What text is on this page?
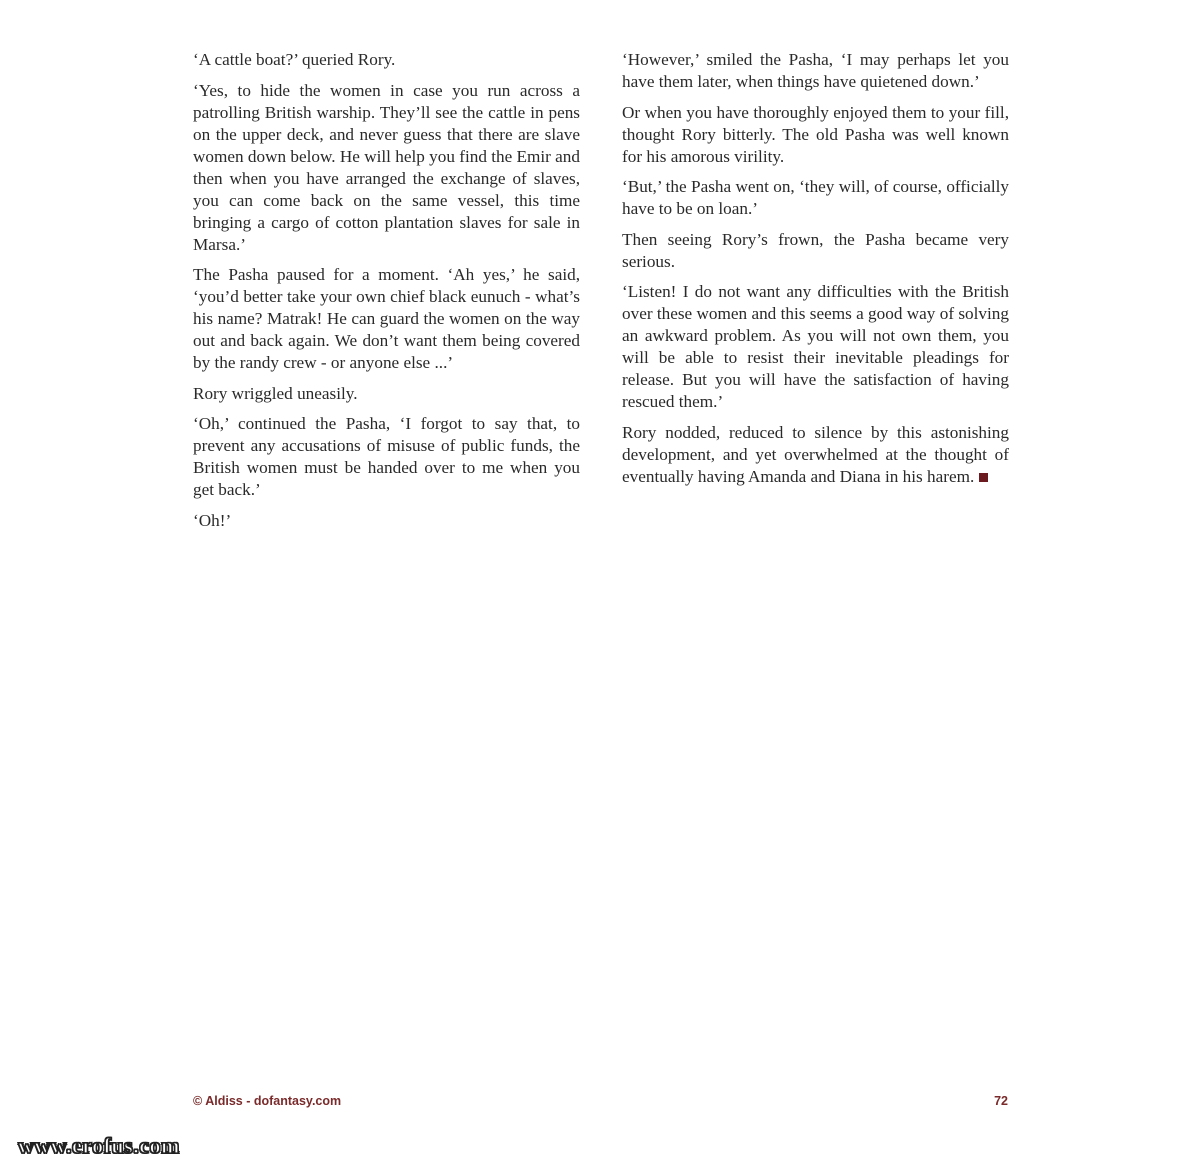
‘A cattle boat?’ queried Rory.

‘Yes, to hide the women in case you run across a patrolling British warship. They’ll see the cattle in pens on the upper deck, and never guess that there are slave women down below. He will help you find the Emir and then when you have arranged the exchange of slaves, you can come back on the same vessel, this time bringing a cargo of cotton plantation slaves for sale in Marsa.’

The Pasha paused for a moment. ‘Ah yes,’ he said, ‘you’d better take your own chief black eunuch - what’s his name? Matrak! He can guard the women on the way out and back again. We don’t want them being covered by the randy crew - or anyone else ...’

Rory wriggled uneasily.

‘Oh,’ continued the Pasha, ‘I forgot to say that, to prevent any accusations of misuse of public funds, the British women must be handed over to me when you get back.’

‘Oh!’

‘However,’ smiled the Pasha, ‘I may perhaps let you have them later, when things have quietened down.’

Or when you have thoroughly enjoyed them to your fill, thought Rory bitterly. The old Pasha was well known for his amorous virility.

‘But,’ the Pasha went on, ‘they will, of course, officially have to be on loan.’

Then seeing Rory’s frown, the Pasha became very serious.

‘Listen! I do not want any difficulties with the British over these women and this seems a good way of solving an awkward problem. As you will not own them, you will be able to resist their inevitable pleadings for release. But you will have the satisfaction of having rescued them.’

Rory nodded, reduced to silence by this astonishing development, and yet overwhelmed at the thought of eventually having Amanda and Diana in his harem.

© Aldiss - dofantasy.com	72
www.erofus.com
